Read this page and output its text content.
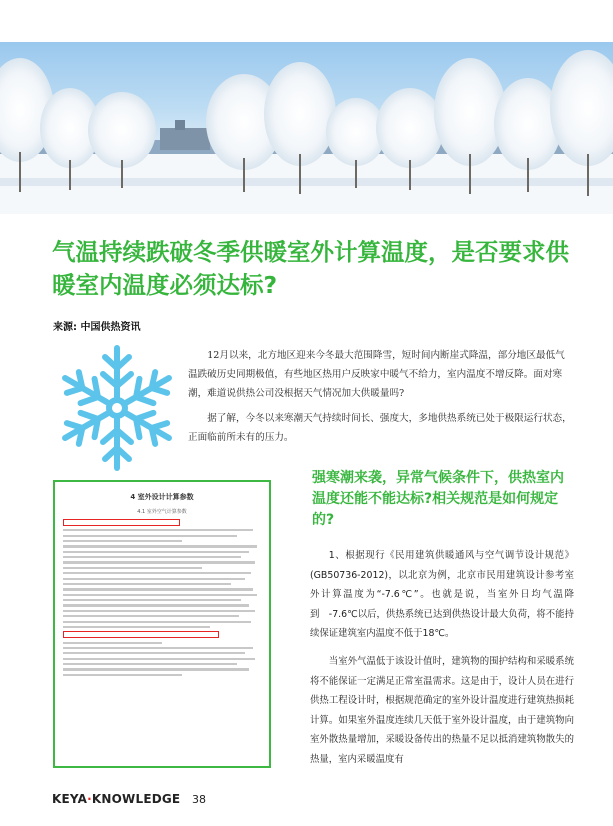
气温持续跌破冬季供暖室外计算温度，是否要求供暖室内温度必须达标?
来源: 中国供热资讯

12月以来，北方地区迎来今冬最大范围降雪，短时间内断崖式降温，部分地区最低气温跌破历史同期极值，有些地区热用户反映家中暖气不给力，室内温度不增反降。面对寒潮，难道说供热公司没根据天气情况加大供暖量吗?

据了解，今冬以来寒潮天气持续时间长、强度大，多地供热系统已处于极限运行状态，正面临前所未有的压力。

4 室外设计计算参数
4.1 室外空气计算参数
强寒潮来袭，异常气候条件下，供热室内温度还能不能达标?相关规范是如何规定的?

1、根据现行《民用建筑供暖通风与空气调节设计规范》(GB50736-2012)，以北京为例，北京市民用建筑设计参考室外计算温度为“-7.6℃”。也就是说，当室外日均气温降到　-7.6℃以后，供热系统已达到供热设计最大负荷，将不能持续保证建筑室内温度不低于18℃。

当室外气温低于该设计值时，建筑物的围护结构和采暖系统将不能保证一定满足正常室温需求。这是由于，设计人员在进行供热工程设计时，根据规范确定的室外设计温度进行建筑热损耗计算。如果室外温度连续几天低于室外设计温度，由于建筑物向室外散热量增加，采暖设备传出的热量不足以抵消建筑物散失的热量，室内采暖温度有

KEYA·KNOWLEDGE 38
